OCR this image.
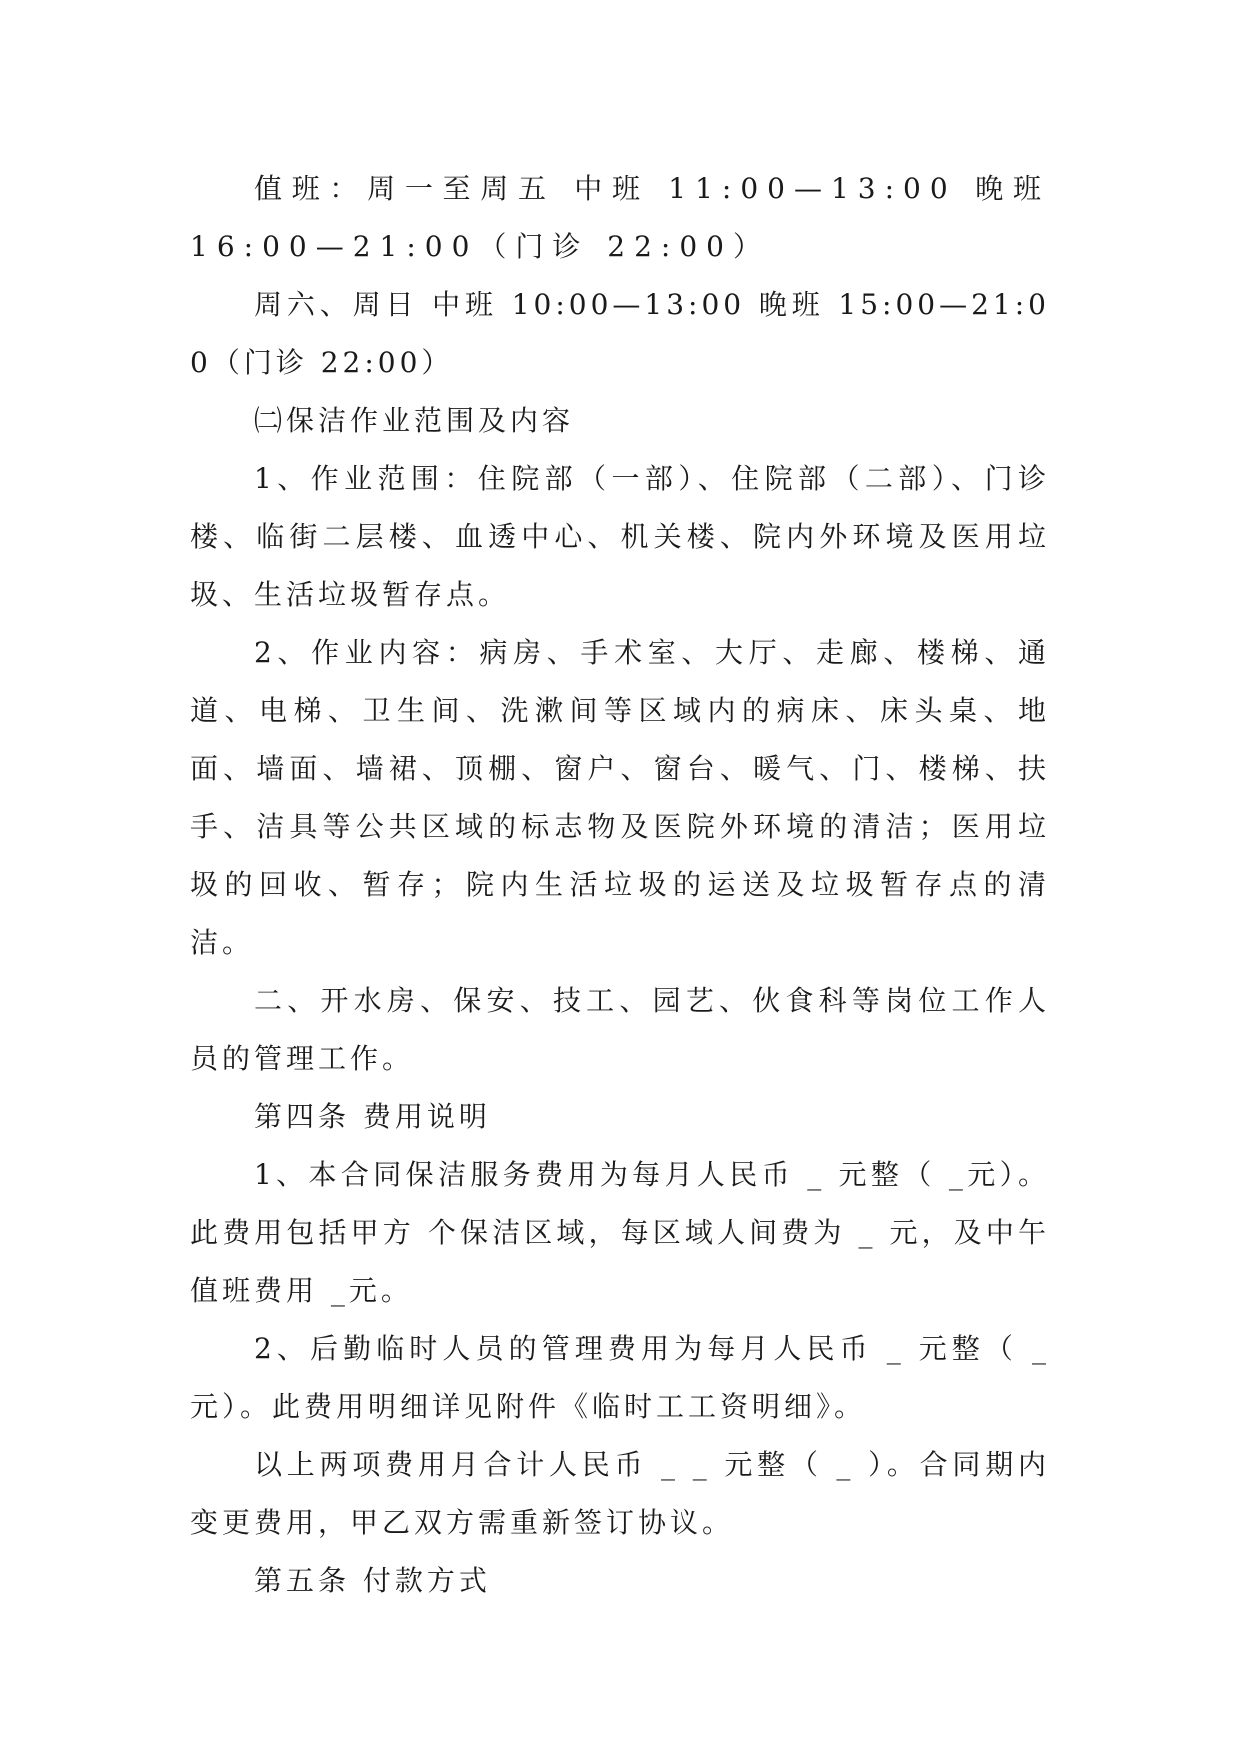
值班：周一至周五 中班 11:00—13:00 晚班 16:00—21:00（门诊 22:00）

周六、周日 中班 10:00—13:00 晚班 15:00—21:00（门诊 22:00）

㈡保洁作业范围及内容

1、作业范围：住院部（一部）、住院部（二部）、门诊楼、临街二层楼、血透中心、机关楼、院内外环境及医用垃圾、生活垃圾暂存点。

2、作业内容：病房、手术室、大厅、走廊、楼梯、通道、电梯、卫生间、洗漱间等区域内的病床、床头桌、地面、墙面、墙裙、顶棚、窗户、窗台、暖气、门、楼梯、扶手、洁具等公共区域的标志物及医院外环境的清洁；医用垃圾的回收、暂存；院内生活垃圾的运送及垃圾暂存点的清洁。

二、开水房、保安、技工、园艺、伙食科等岗位工作人员的管理工作。

第四条 费用说明

1、本合同保洁服务费用为每月人民币 _ 元整（ _元）。此费用包括甲方 个保洁区域，每区域人间费为 _ 元，及中午值班费用 _元。

2、后勤临时人员的管理费用为每月人民币 _ 元整（ _元）。此费用明细详见附件《临时工工资明细》。

以上两项费用月合计人民币 _ _ 元整（ _ ）。合同期内变更费用，甲乙双方需重新签订协议。

第五条 付款方式
